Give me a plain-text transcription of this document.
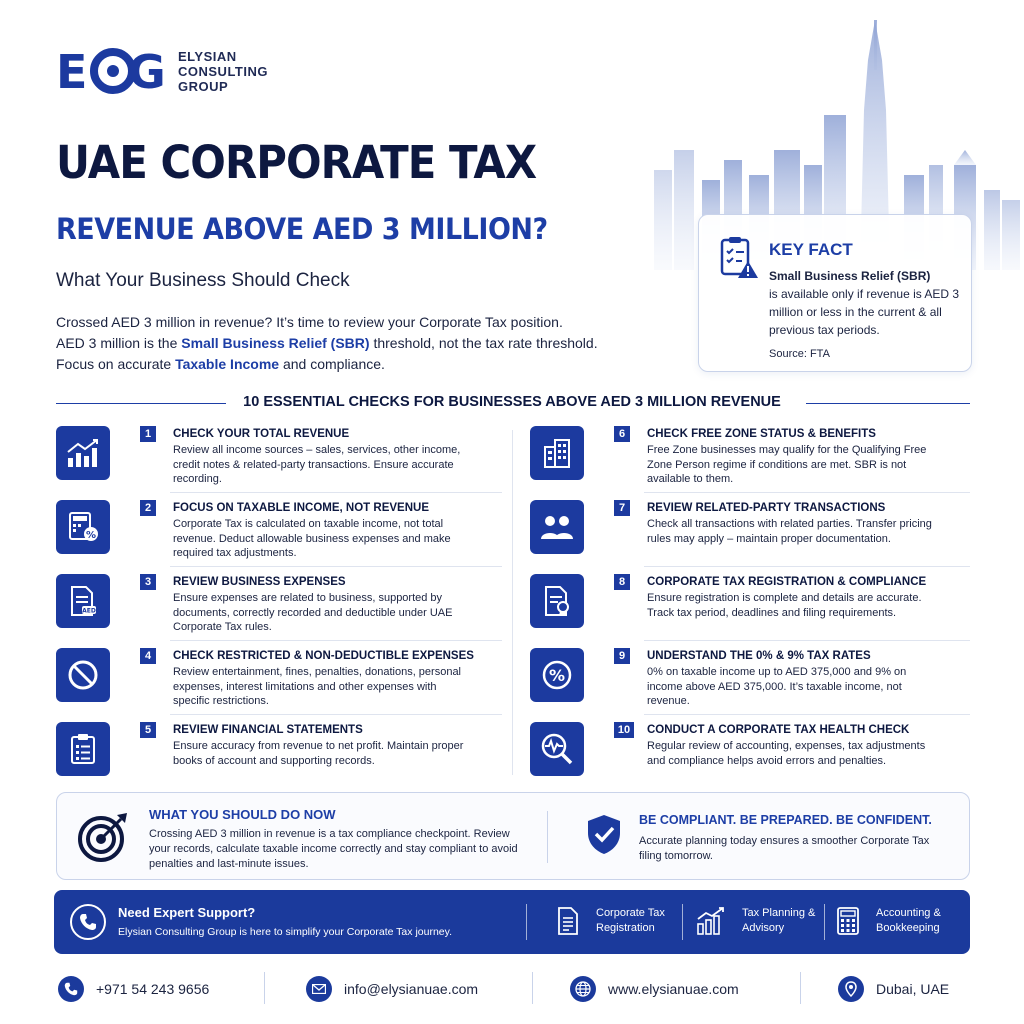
E G ELYSIAN
CONSULTING
GROUP
UAE CORPORATE TAX
REVENUE ABOVE AED 3 MILLION?
What Your Business Should Check
Crossed AED 3 million in revenue? It’s time to review your Corporate Tax position.
AED 3 million is the Small Business Relief (SBR) threshold, not the tax rate threshold.
Focus on accurate Taxable Income and compliance.
KEY FACT
Small Business Relief (SBR)
is available only if revenue is AED 3 million or less in the current & all previous tax periods.
Source: FTA
10 ESSENTIAL CHECKS FOR BUSINESSES ABOVE AED 3 MILLION REVENUE
1	CHECK YOUR TOTAL REVENUE
Review all income sources – sales, services, other income, credit notes & related-party transactions. Ensure accurate recording.
%
2	FOCUS ON TAXABLE INCOME, NOT REVENUE
Corporate Tax is calculated on taxable income, not total revenue. Deduct allowable business expenses and make required tax adjustments.
AED
3	REVIEW BUSINESS EXPENSES
Ensure expenses are related to business, supported by documents, correctly recorded and deductible under UAE Corporate Tax rules.
4	CHECK RESTRICTED & NON-DEDUCTIBLE EXPENSES
Review entertainment, fines, penalties, donations, personal expenses, interest limitations and other expenses with specific restrictions.
5	REVIEW FINANCIAL STATEMENTS
Ensure accuracy from revenue to net profit. Maintain proper books of account and supporting records.
6	CHECK FREE ZONE STATUS & BENEFITS
Free Zone businesses may qualify for the Qualifying Free Zone Person regime if conditions are met. SBR is not available to them.
7	REVIEW RELATED-PARTY TRANSACTIONS
Check all transactions with related parties. Transfer pricing rules may apply – maintain proper documentation.
8	CORPORATE TAX REGISTRATION & COMPLIANCE
Ensure registration is complete and details are accurate. Track tax period, deadlines and filing requirements.
%
9	UNDERSTAND THE 0% & 9% TAX RATES
0% on taxable income up to AED 375,000 and 9% on income above AED 375,000. It’s taxable income, not revenue.
10	CONDUCT A CORPORATE TAX HEALTH CHECK
Regular review of accounting, expenses, tax adjustments and compliance helps avoid errors and penalties.
WHAT YOU SHOULD DO NOW
Crossing AED 3 million in revenue is a tax compliance checkpoint. Review your records, calculate taxable income correctly and stay compliant to avoid penalties and last-minute issues.
BE COMPLIANT. BE PREPARED. BE CONFIDENT.
Accurate planning today ensures a smoother Corporate Tax filing tomorrow.
Need Expert Support?
Elysian Consulting Group is here to simplify your Corporate Tax journey.
Corporate Tax
Registration
Tax Planning &
Advisory
Accounting &
Bookkeeping
+971 54 243 9656	info@elysianuae.com	www.elysianuae.com	Dubai, UAE
